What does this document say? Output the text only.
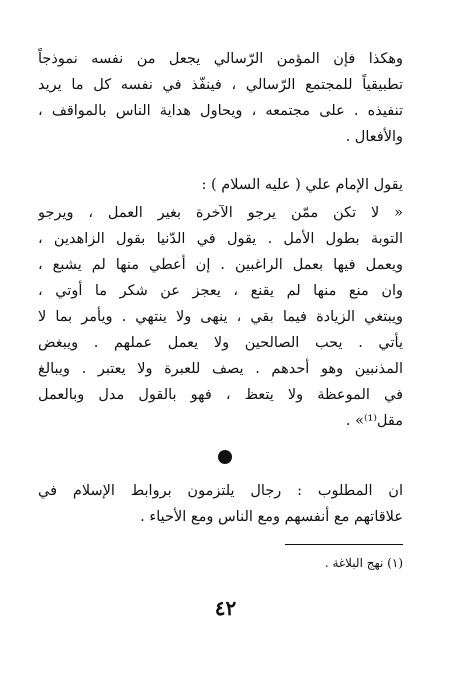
وهكذا فإن المؤمن الرّسالي يجعل من نفسه نموذجاً
تطبيقياً للمجتمع الرّسالي ، فينفّذ في نفسه كل ما يريد
تنفيذه . على مجتمعه ، ويحاول هداية الناس بالمواقف ،
والأفعال .
يقول الإمام علي ( عليه السلام ) :
« لا تكن ممّن يرجو الآخرة بغير العمل ، ويرجو
التوبة بطول الأمل . يقول في الدّنيا بقول الزاهدين ،
ويعمل فيها بعمل الراغبين . إن أعطي منها لم يشبع ،
وان منع منها لم يقنع ، يعجز عن شكر ما أوتي ،
ويبتغي الزيادة فيما بقي ، ينهى ولا ينتهي . ويأمر بما لا
يأتي . يحب الصالحين ولا يعمل عملهم . ويبغض
المذنبين وهو أحدهم . يصف للعبرة ولا يعتبر . ويبالغ
في الموعظة ولا يتعظ ، فهو بالقول مدل وبالعمل
مقل⁽¹⁾» .
ان المطلوب : رجال يلتزمون بروابط الإسلام في
علاقاتهم مع أنفسهم ومع الناس ومع الأحياء .
(١) نهج البلاغة .
٤٢
